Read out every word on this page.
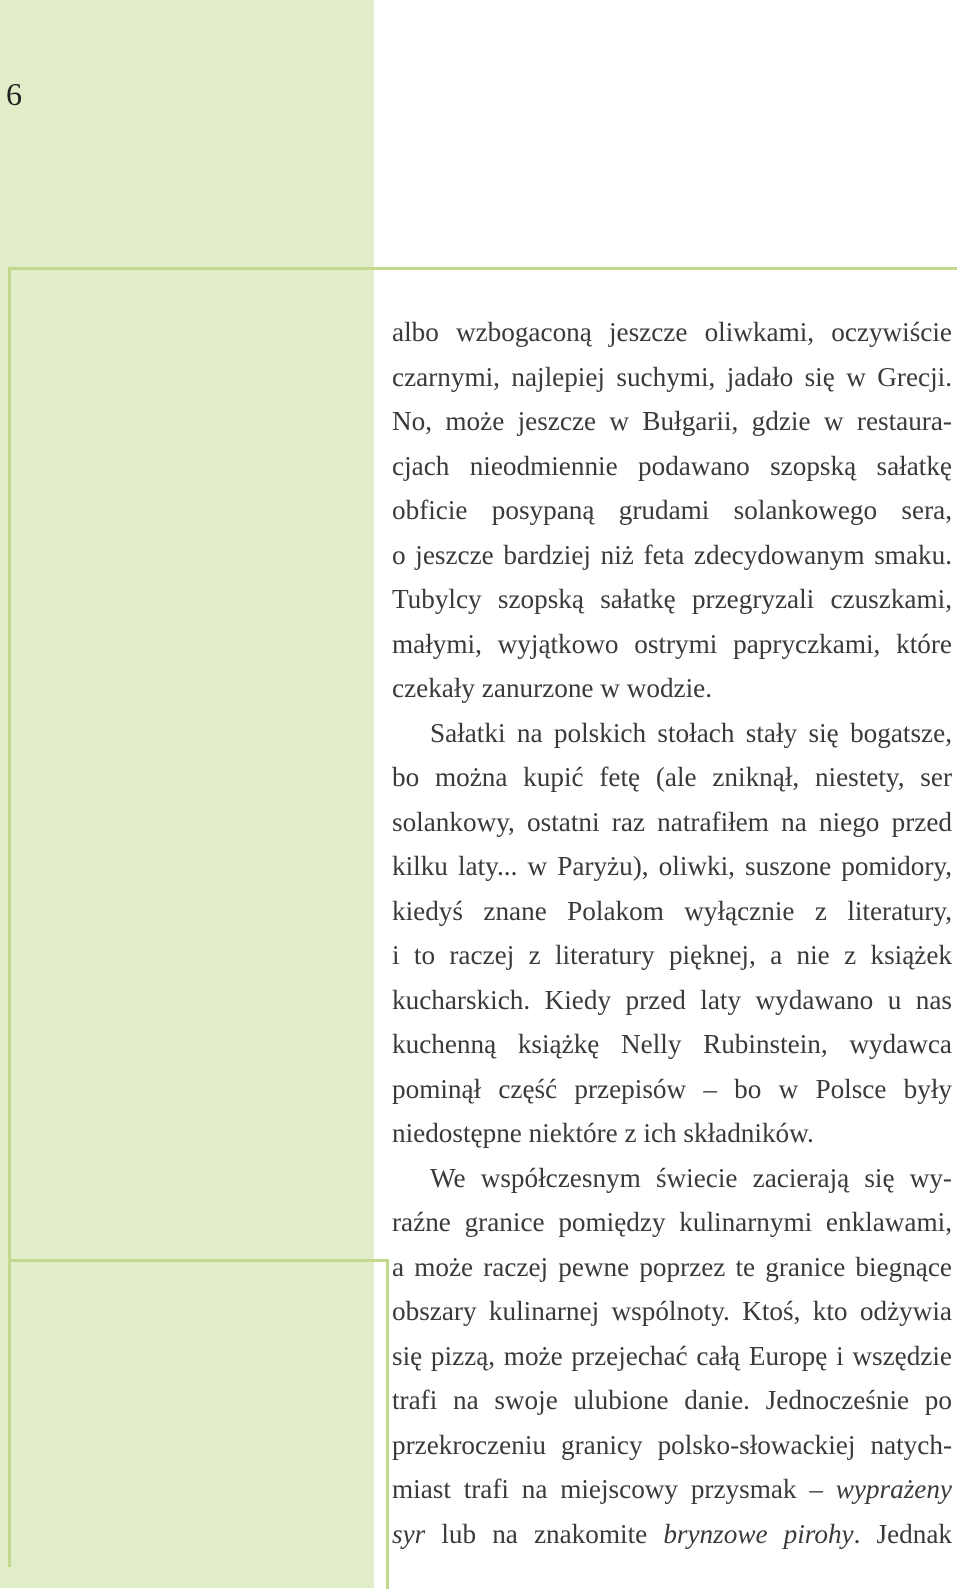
6
albo wzbogaconą jeszcze oliwkami, oczywiście
czarnymi, najlepiej suchymi, jadało się w Grecji.
No, może jeszcze w Bułgarii, gdzie w restaura-
cjach nieodmiennie podawano szopską sałatkę
obficie posypaną grudami solankowego sera,
o jeszcze bardziej niż feta zdecydowanym smaku.
Tubylcy szopską sałatkę przegryzali czuszkami,
małymi, wyjątkowo ostrymi papryczkami, które
czekały zanurzone w wodzie.
Sałatki na polskich stołach stały się bogatsze,
bo można kupić fetę (ale zniknął, niestety, ser
solankowy, ostatni raz natrafiłem na niego przed
kilku laty... w Paryżu), oliwki, suszone pomidory,
kiedyś znane Polakom wyłącznie z literatury,
i to raczej z literatury pięknej, a nie z książek
kucharskich. Kiedy przed laty wydawano u nas
kuchenną książkę Nelly Rubinstein, wydawca
pominął część przepisów – bo w Polsce były
niedostępne niektóre z ich składników.
We współczesnym świecie zacierają się wy-
raźne granice pomiędzy kulinarnymi enklawami,
a może raczej pewne poprzez te granice biegnące
obszary kulinarnej wspólnoty. Ktoś, kto odżywia
się pizzą, może przejechać całą Europę i wszędzie
trafi na swoje ulubione danie. Jednocześnie po
przekroczeniu granicy polsko-słowackiej natych-
miast trafi na miejscowy przysmak – wyprażeny
syr lub na znakomite brynzowe pirohy. Jednak
